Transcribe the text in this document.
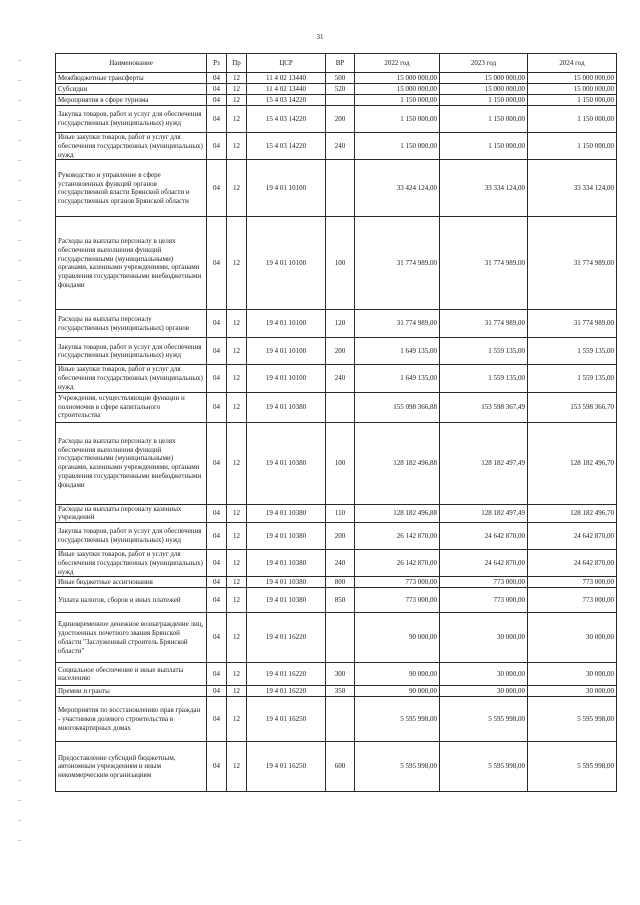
31
Наименование	Рз	Пр	ЦСР	ВР	2022 год	2023 год	2024 год
Межбюджетные трансферты	04	12	11 4 02 13440	500	15 000 000,00	15 000 000,00	15 000 000,00
Субсидии	04	12	11 4 02 13440	520	15 000 000,00	15 000 000,00	15 000 000,00
Мероприятия в сфере туризма	04	12	15 4 03 14220		1 150 000,00	1 150 000,00	1 150 000,00
Закупка товаров, работ и услуг для обеспечения государственных (муниципальных) нужд	04	12	15 4 03 14220	200	1 150 000,00	1 150 000,00	1 150 000,00
Иные закупки товаров, работ и услуг для обеспечения государственных (муниципальных) нужд	04	12	15 4 03 14220	240	1 150 000,00	1 150 000,00	1 150 000,00
Руководство и управление в сфере установленных функций органов государственной власти Брянской области и государственных органов Брянской области	04	12	19 4 01 10100		33 424 124,00	33 334 124,00	33 334 124,00
Расходы на выплаты персоналу в целях обеспечения выполнения функций государственными (муниципальными) органами, казенными учреждениями, органами управления государственными внебюджетными фондами	04	12	19 4 01 10100	100	31 774 989,00	31 774 989,00	31 774 989,00
Расходы на выплаты персоналу государственных (муниципальных) органов	04	12	19 4 01 10100	120	31 774 989,00	31 774 989,00	31 774 989,00
Закупка товаров, работ и услуг для обеспечения государственных (муниципальных) нужд	04	12	19 4 01 10100	200	1 649 135,00	1 559 135,00	1 559 135,00
Иные закупки товаров, работ и услуг для обеспечения государственных (муниципальных) нужд	04	12	19 4 01 10100	240	1 649 135,00	1 559 135,00	1 559 135,00
Учреждения, осуществляющие функции и полномочия в сфере капитального строительства	04	12	19 4 01 10380		155 098 366,88	153 598 367,49	153 598 366,70
Расходы на выплаты персоналу в целях обеспечения выполнения функций государственными (муниципальными) органами, казенными учреждениями, органами управления государственными внебюджетными фондами	04	12	19 4 01 10380	100	128 182 496,88	128 182 497,49	128 182 496,70
Расходы на выплаты персоналу казенных учреждений	04	12	19 4 01 10380	110	128 182 496,88	128 182 497,49	128 182 496,70
Закупка товаров, работ и услуг для обеспечения государственных (муниципальных) нужд	04	12	19 4 01 10380	200	26 142 870,00	24 642 870,00	24 642 870,00
Иные закупки товаров, работ и услуг для обеспечения государственных (муниципальных) нужд	04	12	19 4 01 10380	240	26 142 870,00	24 642 870,00	24 642 870,00
Иные бюджетные ассигнования	04	12	19 4 01 10380	800	773 000,00	773 000,00	773 000,00
Уплата налогов, сборов и иных платежей	04	12	19 4 01 10380	850	773 000,00	773 000,00	773 000,00
Единовременное денежное вознаграждение лиц, удостоенных почетного звания Брянской области "Заслуженный строитель Брянской области"	04	12	19 4 01 16220		90 000,00	30 000,00	30 000,00
Социальное обеспечение и иные выплаты населению	04	12	19 4 01 16220	300	90 000,00	30 000,00	30 000,00
Премии и гранты	04	12	19 4 01 16220	350	90 000,00	30 000,00	30 000,00
Мероприятия по восстановлению прав граждан - участников долевого строительства в многоквартирных домах	04	12	19 4 01 16250		5 595 998,00	5 595 998,00	5 595 998,00
Предоставление субсидий бюджетным, автономным учреждениям и иным некоммерческим организациям	04	12	19 4 01 16250	600	5 595 998,00	5 595 998,00	5 595 998,00
